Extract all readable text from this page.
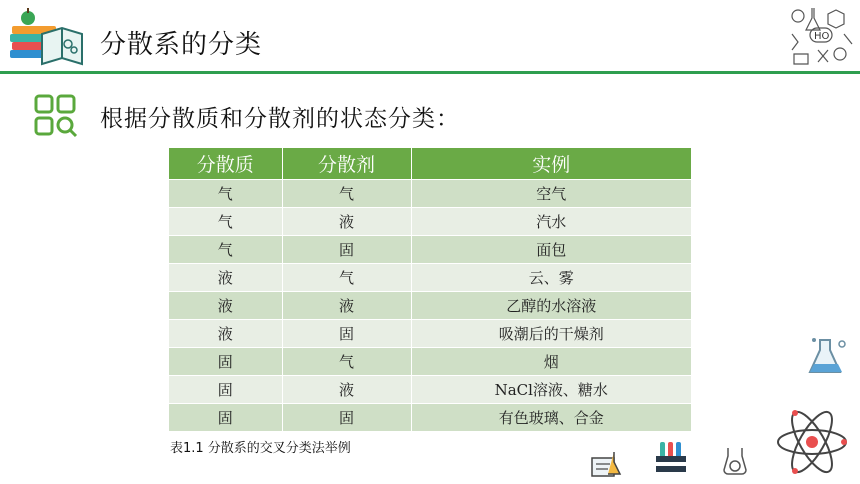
分散系的分类	HO
根据分散质和分散剂的状态分类：
分散质	分散剂	实例
气	气	空气
气	液	汽水
气	固	面包
液	气	云、雾
液	液	乙醇的水溶液
液	固	吸潮后的干燥剂
固	气	烟
固	液	NaCl溶液、糖水
固	固	有色玻璃、合金
表1.1 分散系的交叉分类法举例
